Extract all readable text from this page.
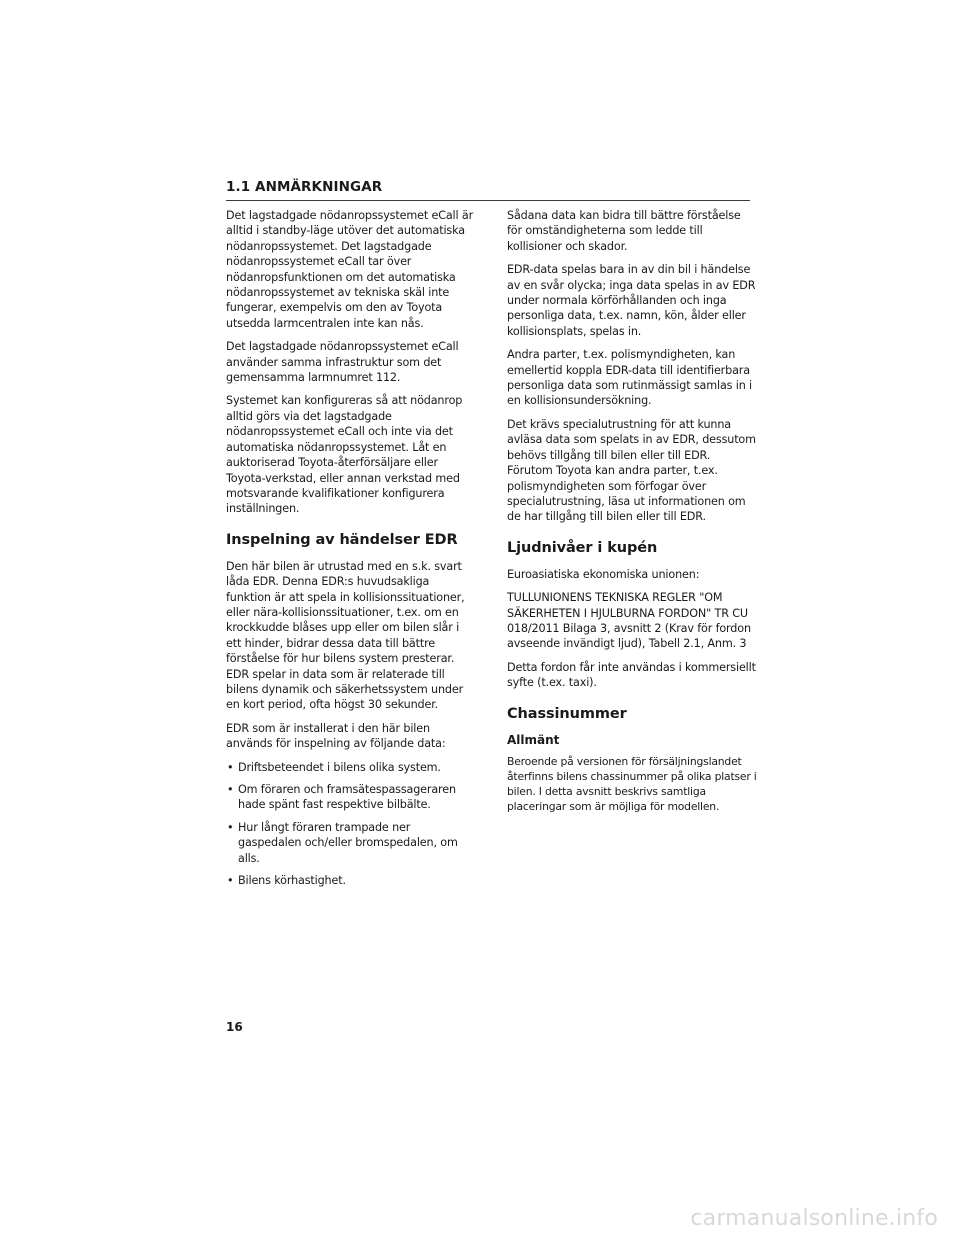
1.1 ANMÄRKNINGAR

Det lagstadgade nödanropssystemet eCall är alltid i standby-läge utöver det automatiska nödanropssystemet. Det lagstadgade nödanropssystemet eCall tar över nödanropsfunktionen om det automatiska nödanropssystemet av tekniska skäl inte fungerar, exempelvis om den av Toyota utsedda larmcentralen inte kan nås.

Det lagstadgade nödanropssystemet eCall använder samma infrastruktur som det gemensamma larmnumret 112.

Systemet kan konfigureras så att nödanrop alltid görs via det lagstadgade nödanropssystemet eCall och inte via det automatiska nödanropssystemet. Låt en auktoriserad Toyota-återförsäljare eller Toyota-verkstad, eller annan verkstad med motsvarande kvalifikationer konfigurera inställningen.

Inspelning av händelser EDR

Den här bilen är utrustad med en s.k. svart låda EDR. Denna EDR:s huvudsakliga funktion är att spela in kollisionssituationer, eller nära-kollisionssituationer, t.ex. om en krockkudde blåses upp eller om bilen slår i ett hinder, bidrar dessa data till bättre förståelse för hur bilens system presterar. EDR spelar in data som är relaterade till bilens dynamik och säkerhetssystem under en kort period, ofta högst 30 sekunder.

EDR som är installerat i den här bilen används för inspelning av följande data:

• Driftsbeteendet i bilens olika system.
• Om föraren och framsätespassageraren hade spänt fast respektive bilbälte.
• Hur långt föraren trampade ner gaspedalen och/eller bromspedalen, om alls.
• Bilens körhastighet.

Sådana data kan bidra till bättre förståelse för omständigheterna som ledde till kollisioner och skador.

EDR-data spelas bara in av din bil i händelse av en svår olycka; inga data spelas in av EDR under normala körförhållanden och inga personliga data, t.ex. namn, kön, ålder eller kollisionsplats, spelas in.

Andra parter, t.ex. polismyndigheten, kan emellertid koppla EDR-data till identifierbara personliga data som rutinmässigt samlas in i en kollisionsundersökning.

Det krävs specialutrustning för att kunna avläsa data som spelats in av EDR, dessutom behövs tillgång till bilen eller till EDR. Förutom Toyota kan andra parter, t.ex. polismyndigheten som förfogar över specialutrustning, läsa ut informationen om de har tillgång till bilen eller till EDR.

Ljudnivåer i kupén

Euroasiatiska ekonomiska unionen:

TULLUNIONENS TEKNISKA REGLER "OM SÄKERHETEN I HJULBURNA FORDON" TR CU 018/2011 Bilaga 3, avsnitt 2 (Krav för fordon avseende invändigt ljud), Tabell 2.1, Anm. 3

Detta fordon får inte användas i kommersiellt syfte (t.ex. taxi).

Chassinummer
Allmänt

Beroende på versionen för försäljningslandet återfinns bilens chassinummer på olika platser i bilen. I detta avsnitt beskrivs samtliga placeringar som är möjliga för modellen.

16
carmanualsonline.info
